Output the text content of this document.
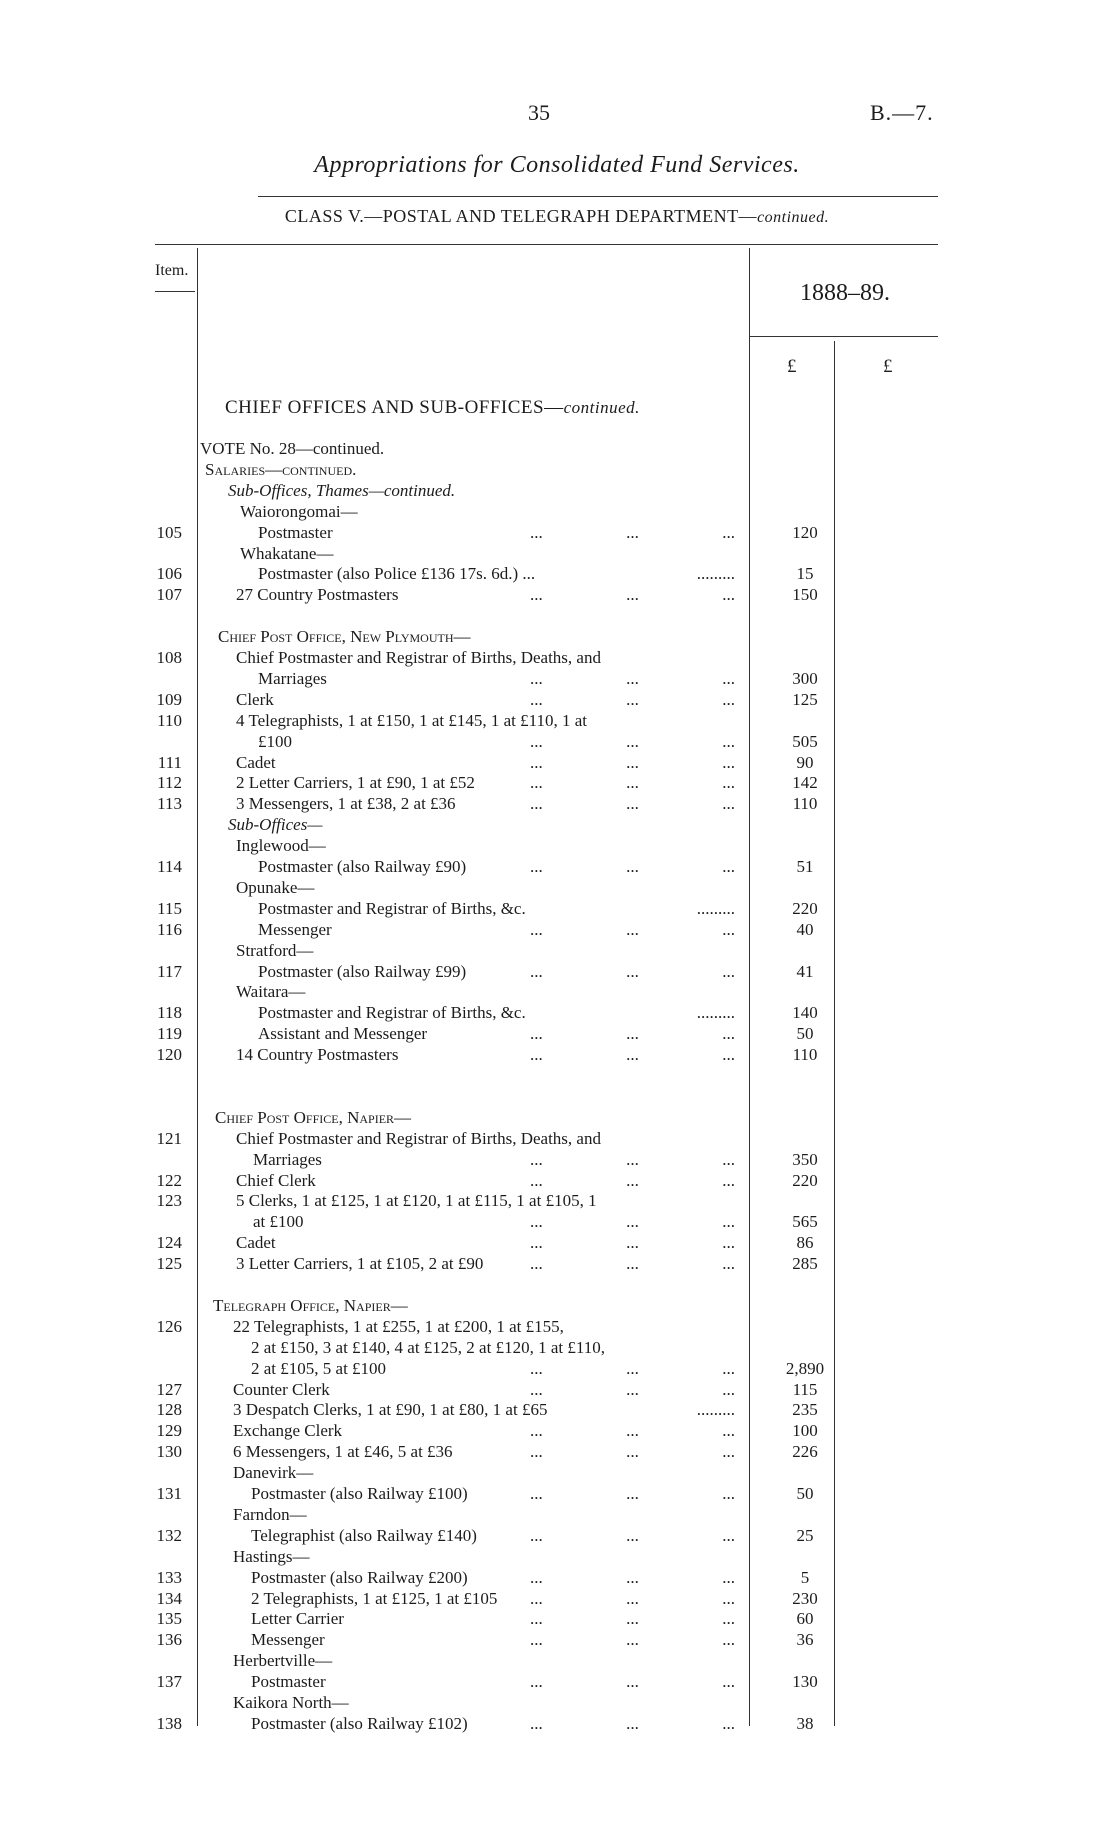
35	B.—7.
Appropriations for Consolidated Fund Services.
CLASS V.—POSTAL AND TELEGRAPH DEPARTMENT—continued.
Item.
1888–89.
£	£
CHIEF OFFICES AND SUB-OFFICES—continued.
VOTE No. 28—continued.
Salaries—continued.
Sub-Offices, Thames—continued.
Waiorongomai—
105	Postmaster	...	...	...	120
Whakatane—
106	Postmaster (also Police £136 17s. 6d.) ...	... ... ...	15
107	27 Country Postmasters	...	...	...	150
Chief Post Office, New Plymouth—
108	Chief Postmaster and Registrar of Births, Deaths, and
Marriages	...	...	...	300
109	Clerk	...	...	...	125
110	4 Telegraphists, 1 at £150, 1 at £145, 1 at £110, 1 at
£100	...	...	...	505
111	Cadet	...	...	...	90
112	2 Letter Carriers, 1 at £90, 1 at £52	...	...	...	142
113	3 Messengers, 1 at £38, 2 at £36	...	...	...	110
Sub-Offices—
Inglewood—
114	Postmaster (also Railway £90)	...	...	...	51
Opunake—
115	Postmaster and Registrar of Births, &c.	... ... ...	220
116	Messenger	...	...	...	40
Stratford—
117	Postmaster (also Railway £99)	...	...	...	41
Waitara—
118	Postmaster and Registrar of Births, &c.	... ... ...	140
119	Assistant and Messenger	...	...	...	50
120	14 Country Postmasters	...	...	...	110
Chief Post Office, Napier—
121	Chief Postmaster and Registrar of Births, Deaths, and
Marriages	...	...	...	350
122	Chief Clerk	...	...	...	220
123	5 Clerks, 1 at £125, 1 at £120, 1 at £115, 1 at £105, 1
at £100	...	...	...	565
124	Cadet	...	...	...	86
125	3 Letter Carriers, 1 at £105, 2 at £90	...	...	...	285
Telegraph Office, Napier—
126	22 Telegraphists, 1 at £255, 1 at £200, 1 at £155,
2 at £150, 3 at £140, 4 at £125, 2 at £120, 1 at £110,
2 at £105, 5 at £100	...	...	...	2,890
127	Counter Clerk	...	...	...	115
128	3 Despatch Clerks, 1 at £90, 1 at £80, 1 at £65	... ... ...	235
129	Exchange Clerk	...	...	...	100
130	6 Messengers, 1 at £46, 5 at £36	...	...	...	226
Danevirk—
131	Postmaster (also Railway £100)	...	...	...	50
Farndon—
132	Telegraphist (also Railway £140)	...	...	...	25
Hastings—
133	Postmaster (also Railway £200)	...	...	...	5
134	2 Telegraphists, 1 at £125, 1 at £105 ...	...	...	230
135	Letter Carrier	...	...	...	60
136	Messenger	...	...	...	36
Herbertville—
137	Postmaster	...	...	...	130
Kaikora North—
138	Postmaster (also Railway £102)	...	...	...	38
